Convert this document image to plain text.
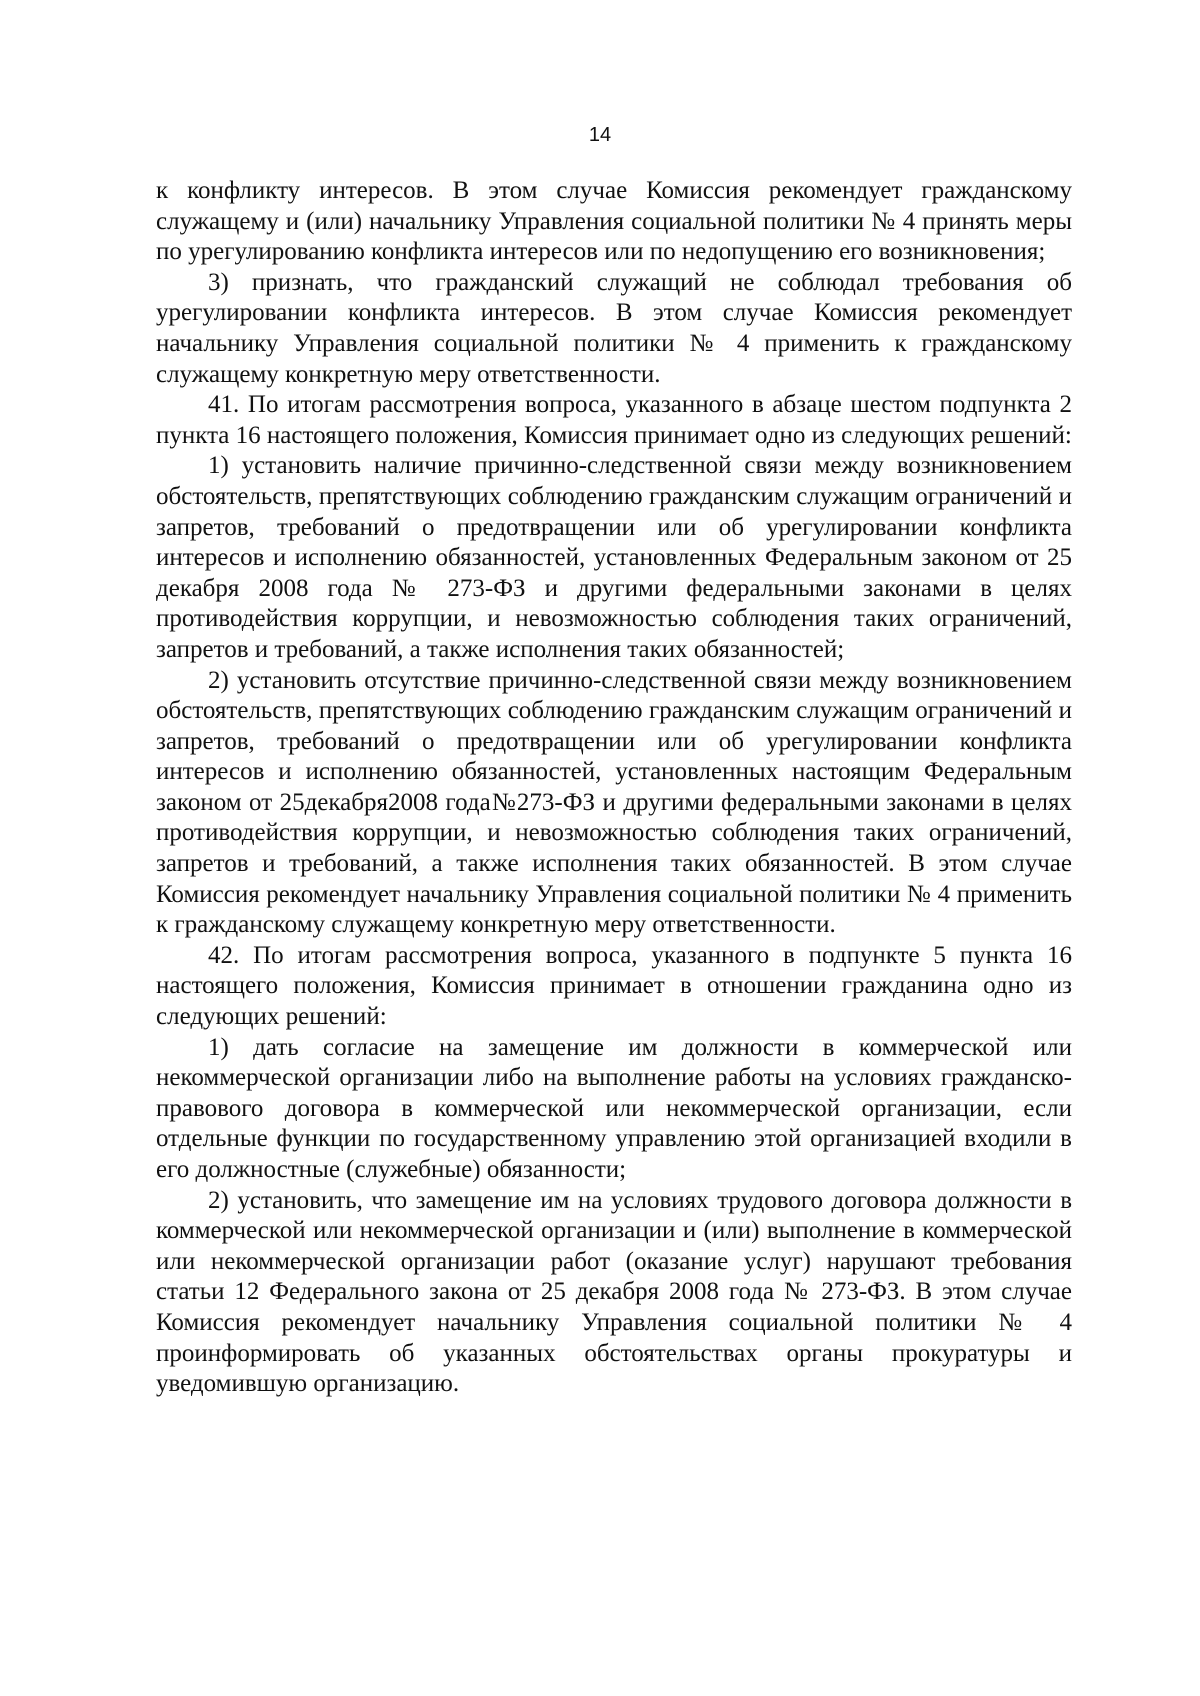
14

к конфликту интересов. В этом случае Комиссия рекомендует гражданскому служащему и (или) начальнику Управления социальной политики № 4 принять меры по урегулированию конфликта интересов или по недопущению его возникновения;

3) признать, что гражданский служащий не соблюдал требования об урегулировании конфликта интересов. В этом случае Комиссия рекомендует начальнику Управления социальной политики № 4 применить к гражданскому служащему конкретную меру ответственности.

41. По итогам рассмотрения вопроса, указанного в абзаце шестом подпункта 2 пункта 16 настоящего положения, Комиссия принимает одно из следующих решений:

1) установить наличие причинно-следственной связи между возникновением обстоятельств, препятствующих соблюдению гражданским служащим ограничений и запретов, требований о предотвращении или об урегулировании конфликта интересов и исполнению обязанностей, установленных Федеральным законом от 25 декабря 2008 года № 273-ФЗ и другими федеральными законами в целях противодействия коррупции, и невозможностью соблюдения таких ограничений, запретов и требований, а также исполнения таких обязанностей;

2) установить отсутствие причинно-следственной связи между возникновением обстоятельств, препятствующих соблюдению гражданским служащим ограничений и запретов, требований о предотвращении или об урегулировании конфликта интересов и исполнению обязанностей, установленных настоящим Федеральным законом от 25декабря2008 года№273-ФЗ и другими федеральными законами в целях противодействия коррупции, и невозможностью соблюдения таких ограничений, запретов и требований, а также исполнения таких обязанностей. В этом случае Комиссия рекомендует начальнику Управления социальной политики № 4 применить к гражданскому служащему конкретную меру ответственности.

42. По итогам рассмотрения вопроса, указанного в подпункте 5 пункта 16 настоящего положения, Комиссия принимает в отношении гражданина одно из следующих решений:

1) дать согласие на замещение им должности в коммерческой или некоммерческой организации либо на выполнение работы на условиях гражданско-правового договора в коммерческой или некоммерческой организации, если отдельные функции по государственному управлению этой организацией входили в его должностные (служебные) обязанности;

2) установить, что замещение им на условиях трудового договора должности в коммерческой или некоммерческой организации и (или) выполнение в коммерческой или некоммерческой организации работ (оказание услуг) нарушают требования статьи 12 Федерального закона от 25 декабря 2008 года № 273-ФЗ. В этом случае Комиссия рекомендует начальнику Управления социальной политики № 4 проинформировать об указанных обстоятельствах органы прокуратуры и уведомившую организацию.
